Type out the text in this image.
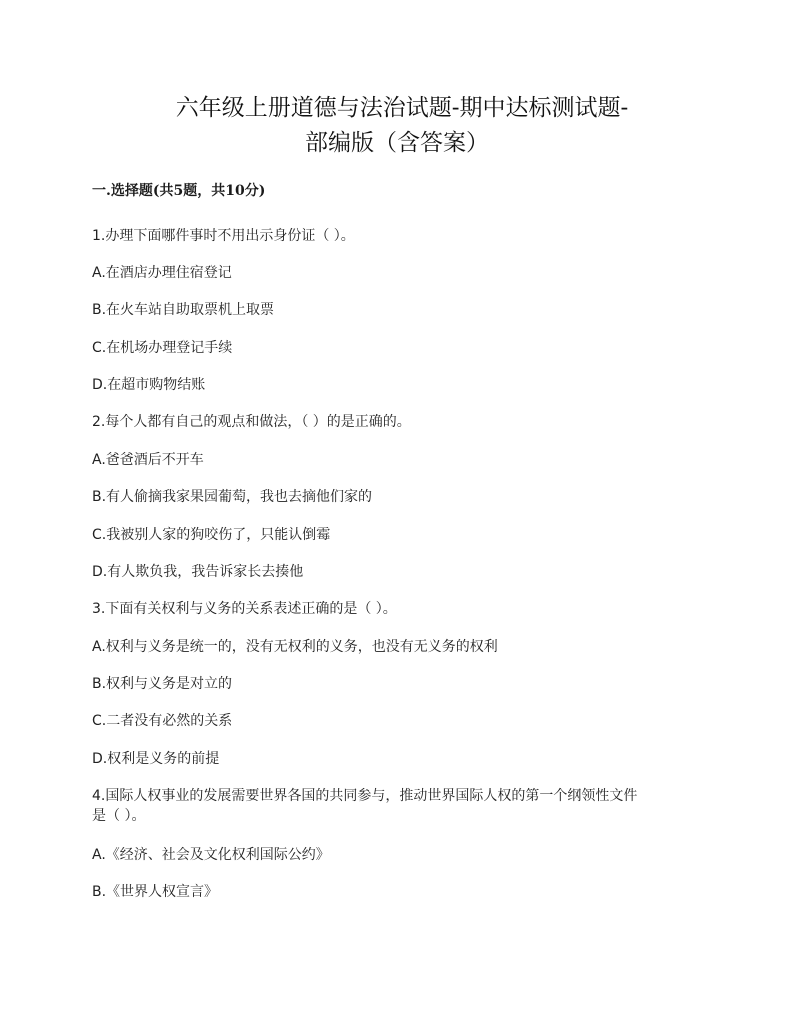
六年级上册道德与法治试题-期中达标测试题-
部编版（含答案）
一.选择题(共5题，共10分)
1.办理下面哪件事时不用出示身份证（ ）。
A.在酒店办理住宿登记
B.在火车站自助取票机上取票
C.在机场办理登记手续
D.在超市购物结账
2.每个人都有自己的观点和做法，（ ）的是正确的。
A.爸爸酒后不开车
B.有人偷摘我家果园葡萄，我也去摘他们家的
C.我被别人家的狗咬伤了，只能认倒霉
D.有人欺负我，我告诉家长去揍他
3.下面有关权利与义务的关系表述正确的是（ ）。
A.权利与义务是统一的，没有无权利的义务，也没有无义务的权利
B.权利与义务是对立的
C.二者没有必然的关系
D.权利是义务的前提
4.国际人权事业的发展需要世界各国的共同参与，推动世界国际人权的第一个纲领性文件
是（ ）。
A.《经济、社会及文化权利国际公约》
B.《世界人权宣言》
